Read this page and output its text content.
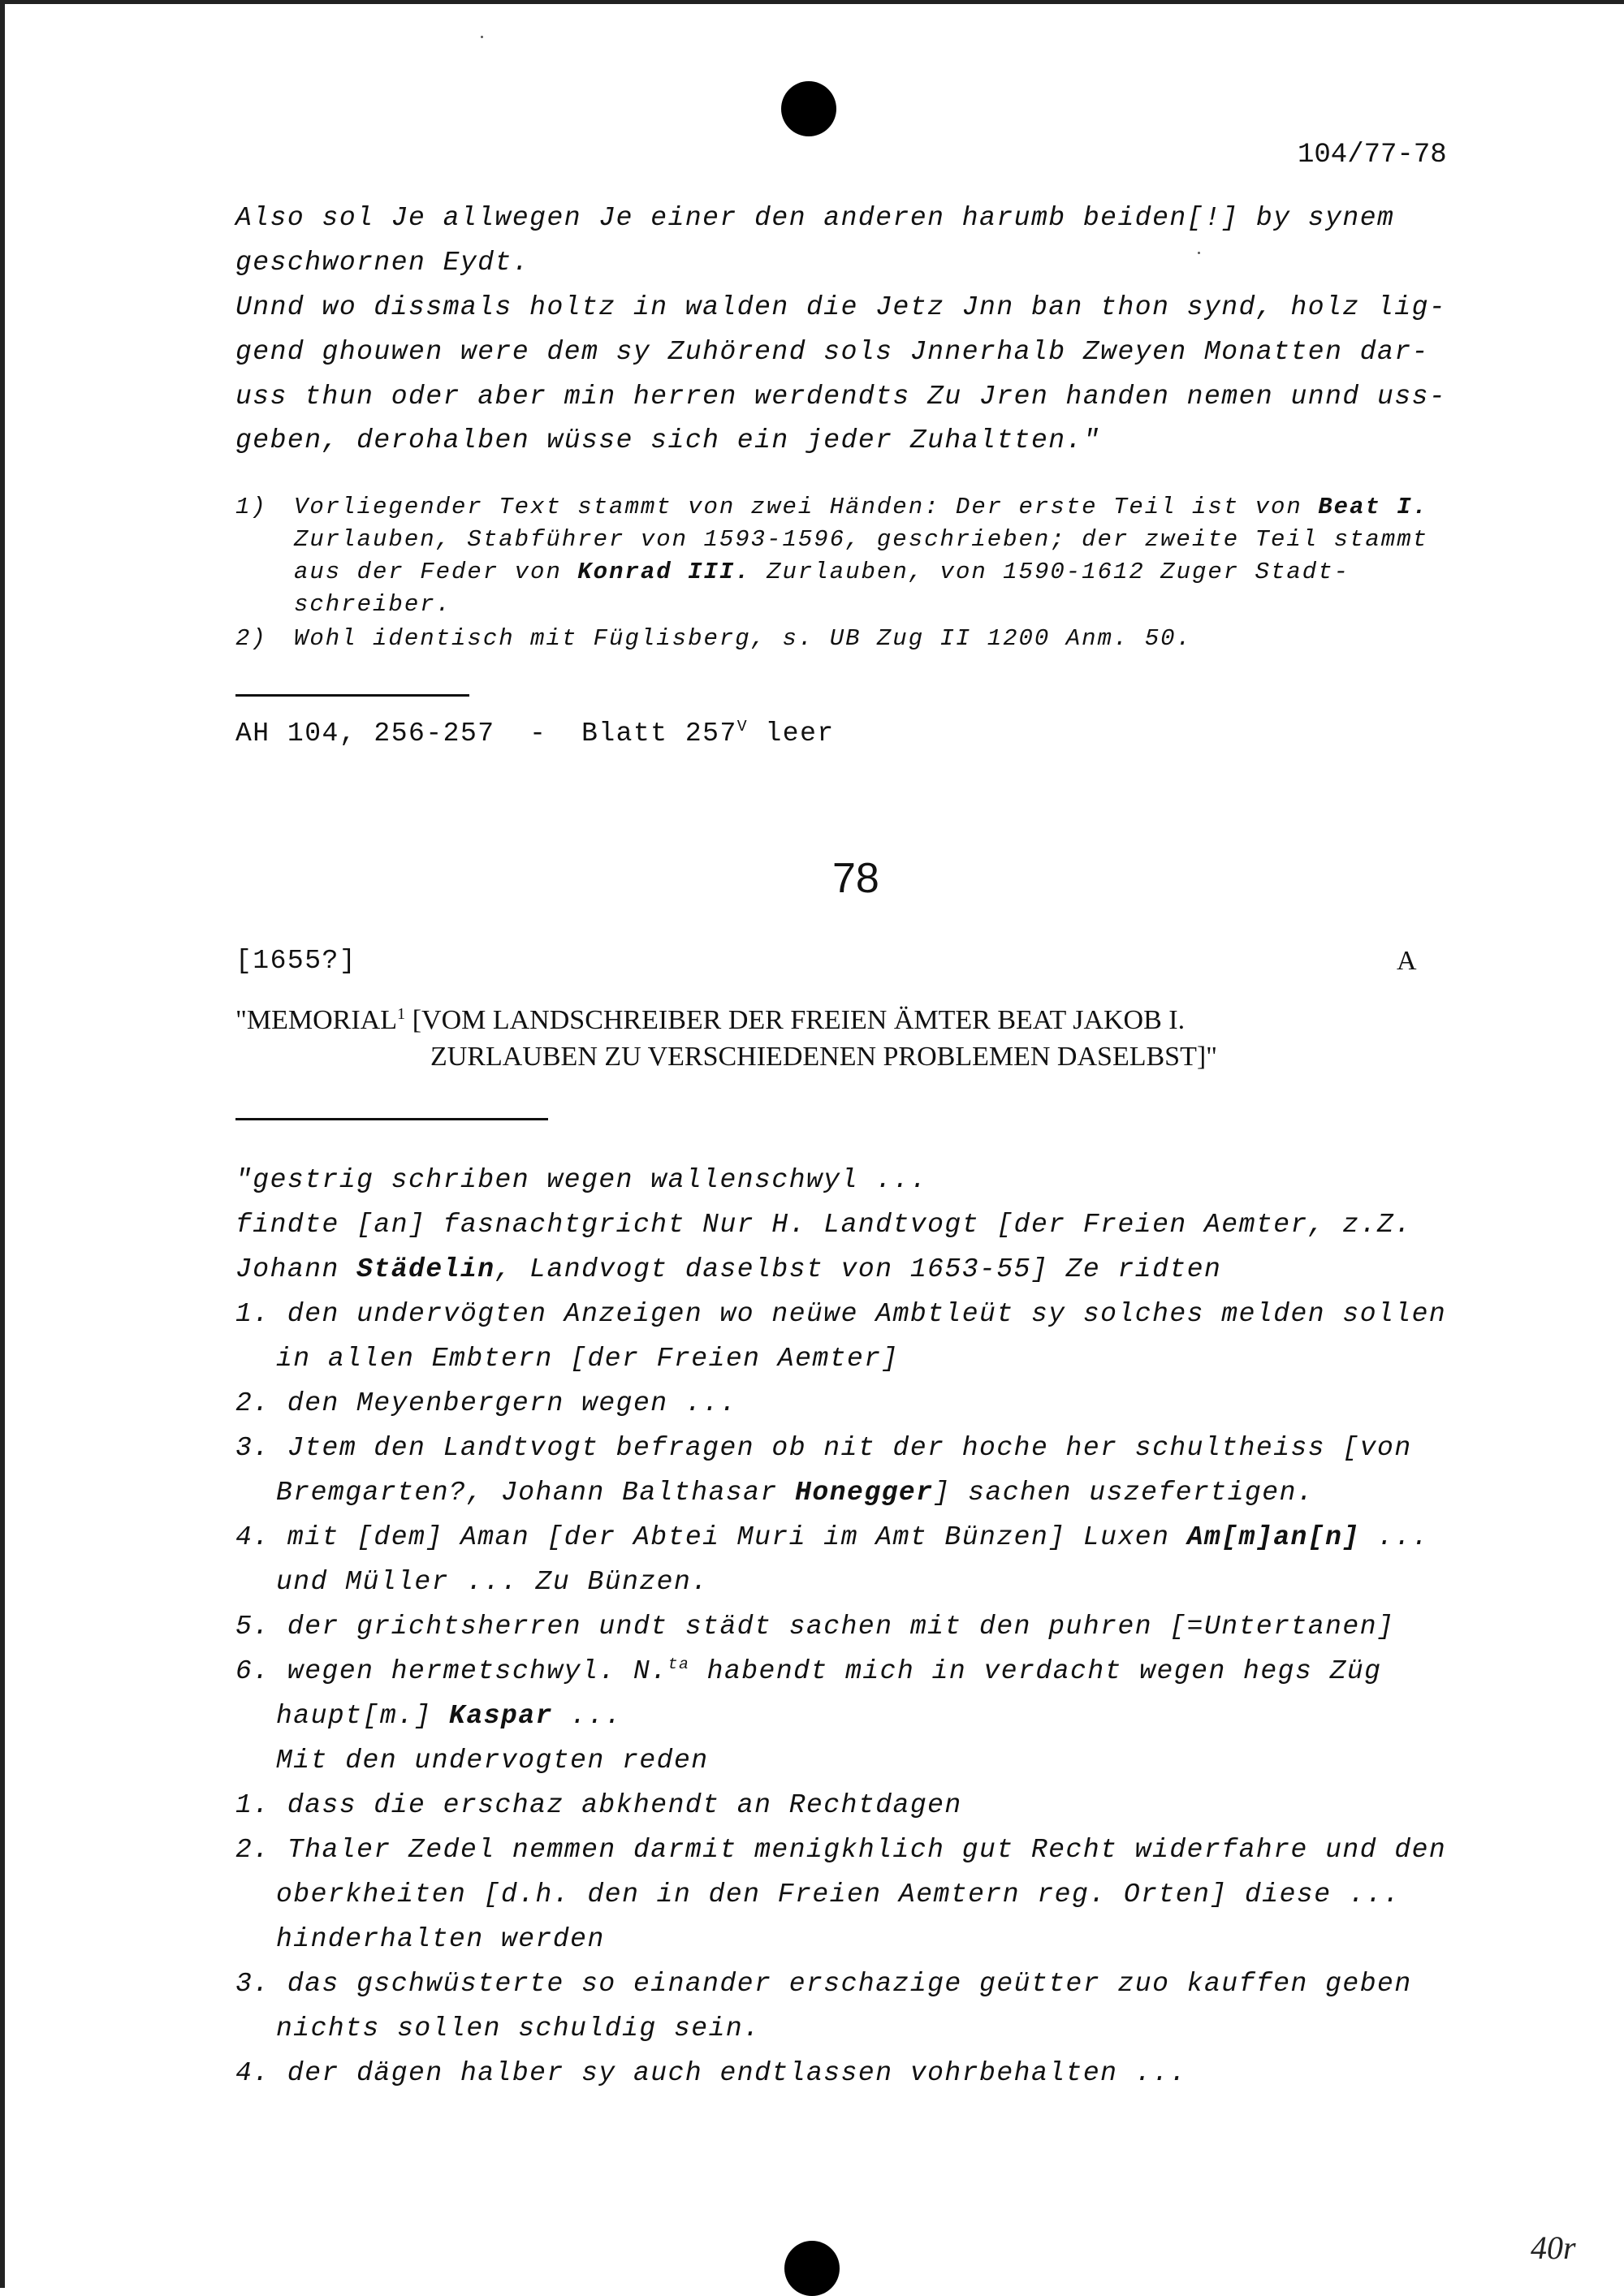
104/77-78
Also sol Je allwegen Je einer den anderen harumb beiden[!] by synem
geschwornen Eydt.
Unnd wo dissmals holtz in walden die Jetz Jnn ban thon synd, holz lig-
gend ghouwen were dem sy Zuhörend sols Jnnerhalb Zweyen Monatten dar-
uss thun oder aber min herren werdendts Zu Jren handen nemen unnd uss-
geben, derohalben wüsse sich ein jeder Zuhaltten."
1) Vorliegender Text stammt von zwei Händen: Der erste Teil ist von Beat I.
Zurlauben, Stabführer von 1593-1596, geschrieben; der zweite Teil stammt
aus der Feder von Konrad III. Zurlauben, von 1590-1612 Zuger Stadt-
schreiber.
2) Wohl identisch mit Füglisberg, s. UB Zug II 1200 Anm. 50.
AH 104, 256-257  -  Blatt $257^V$ leer
78
[1655?]	A
"MEMORIAL$^1$ [VOM LANDSCHREIBER DER FREIEN ÄMTER BEAT JAKOB I.
ZURLAUBEN ZU VERSCHIEDENEN PROBLEMEN DASELBST]"
"gestrig schriben wegen wallenschwyl ...
findte [an] fasnachtgricht Nur H. Landtvogt [der Freien Aemter, z.Z.
Johann Städelin, Landvogt daselbst von 1653-55] Ze ridten
1. den undervögten Anzeigen wo neüwe Ambtleüt sy solches melden sollen
in allen Embtern [der Freien Aemter]
2. den Meyenbergern wegen ...
3. Jtem den Landtvogt befragen ob nit der hoche her schultheiss [von
Bremgarten?, Johann Balthasar Honegger] sachen uszefertigen.
4. mit [dem] Aman [der Abtei Muri im Amt Bünzen] Luxen Am[m]an[n] ...
und Müller ... Zu Bünzen.
5. der grichtsherren undt städt sachen mit den puhren [=Untertanen]
6. wegen hermetschwyl. N.$^{ta}$ habendt mich in verdacht wegen hegs Züg
haupt[m.] Kaspar ...
Mit den undervogten reden
1. dass die erschaz abkhendt an Rechtdagen
2. Thaler Zedel nemmen darmit menigkhlich gut Recht widerfahre und den
oberkheiten [d.h. den in den Freien Aemtern reg. Orten] diese ...
hinderhalten werden
3. das gschwüsterte so einander erschazige geütter zuo kauffen geben
nichts sollen schuldig sein.
4. der dägen halber sy auch endtlassen vohrbehalten ...
40r
